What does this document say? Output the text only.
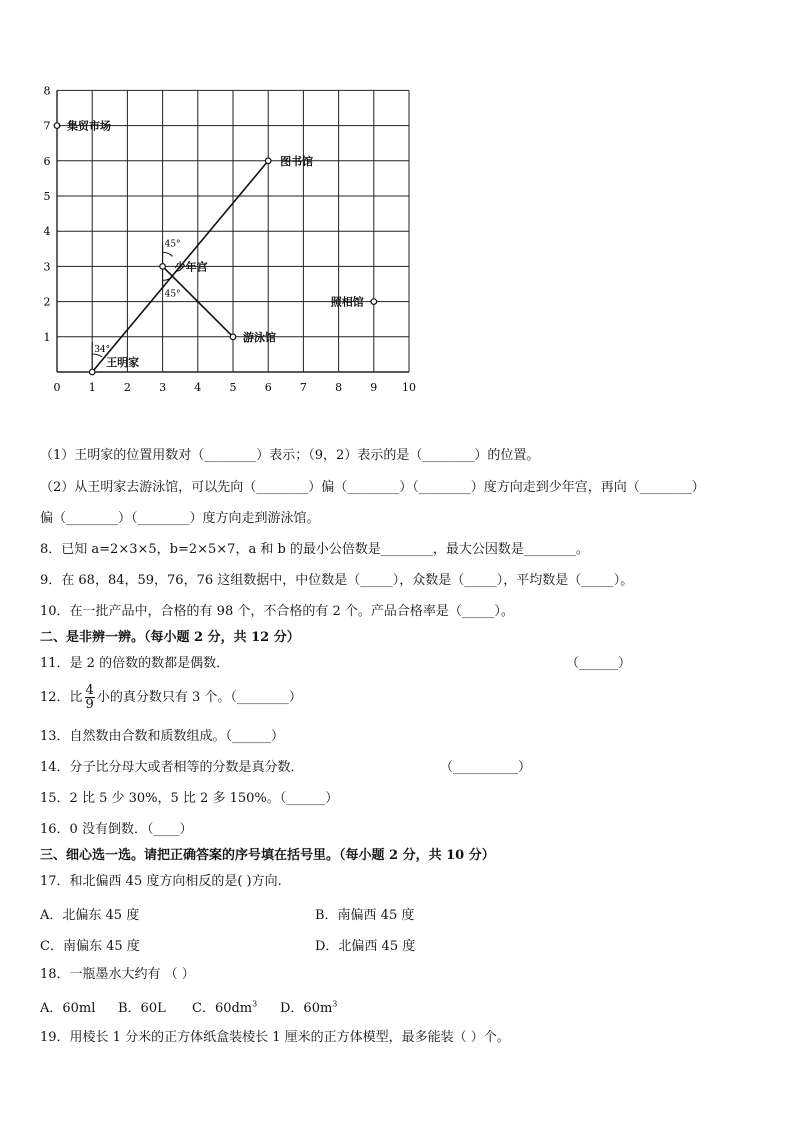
0	1	2	3	4	5	6	7	8	9 10
1
2
3
4
5
6
7
8
集贸市场
图书馆
少年宫
照相馆
游泳馆
王明家
45°
45°
34°
（1）王明家的位置用数对（________）表示；（9，2）表示的是（________）的位置。
（2）从王明家去游泳馆，可以先向（________）偏（________）（________）度方向走到少年宫，再向（________）
偏（________）（________）度方向走到游泳馆。
8．已知 a=2×3×5，b=2×5×7，a 和 b 的最小公倍数是________，最大公因数是________。
9．在 68，84，59，76，76 这组数据中，中位数是（_____），众数是（_____），平均数是（_____）。
10．在一批产品中，合格的有 98 个，不合格的有 2 个。产品合格率是（_____）。
二、是非辨一辨。（每小题 2 分，共 12 分）
11．是 2 的倍数的数都是偶数．	（______）
12．比 $\frac{4}{9}$ 小的真分数只有 3 个。（________）
13．自然数由合数和质数组成。（______）
14．分子比分母大或者相等的分数是真分数．	（__________）
15．2 比 5 少 30%，5 比 2 多 150%。（______）
16．0 没有倒数．（____）
三、细心选一选。请把正确答案的序号填在括号里。（每小题 2 分，共 10 分）
17．和北偏西 45 度方向相反的是( )方向.
A．北偏东 45 度	B．南偏西 45 度
C．南偏东 45 度	D．北偏西 45 度
18．一瓶墨水大约有 （ ）
A．60ml B．60L C．$60dm^3$ D．$60m^3$
19．用棱长 1 分米的正方体纸盒装棱长 1 厘米的正方体模型，最多能装（ ）个。
